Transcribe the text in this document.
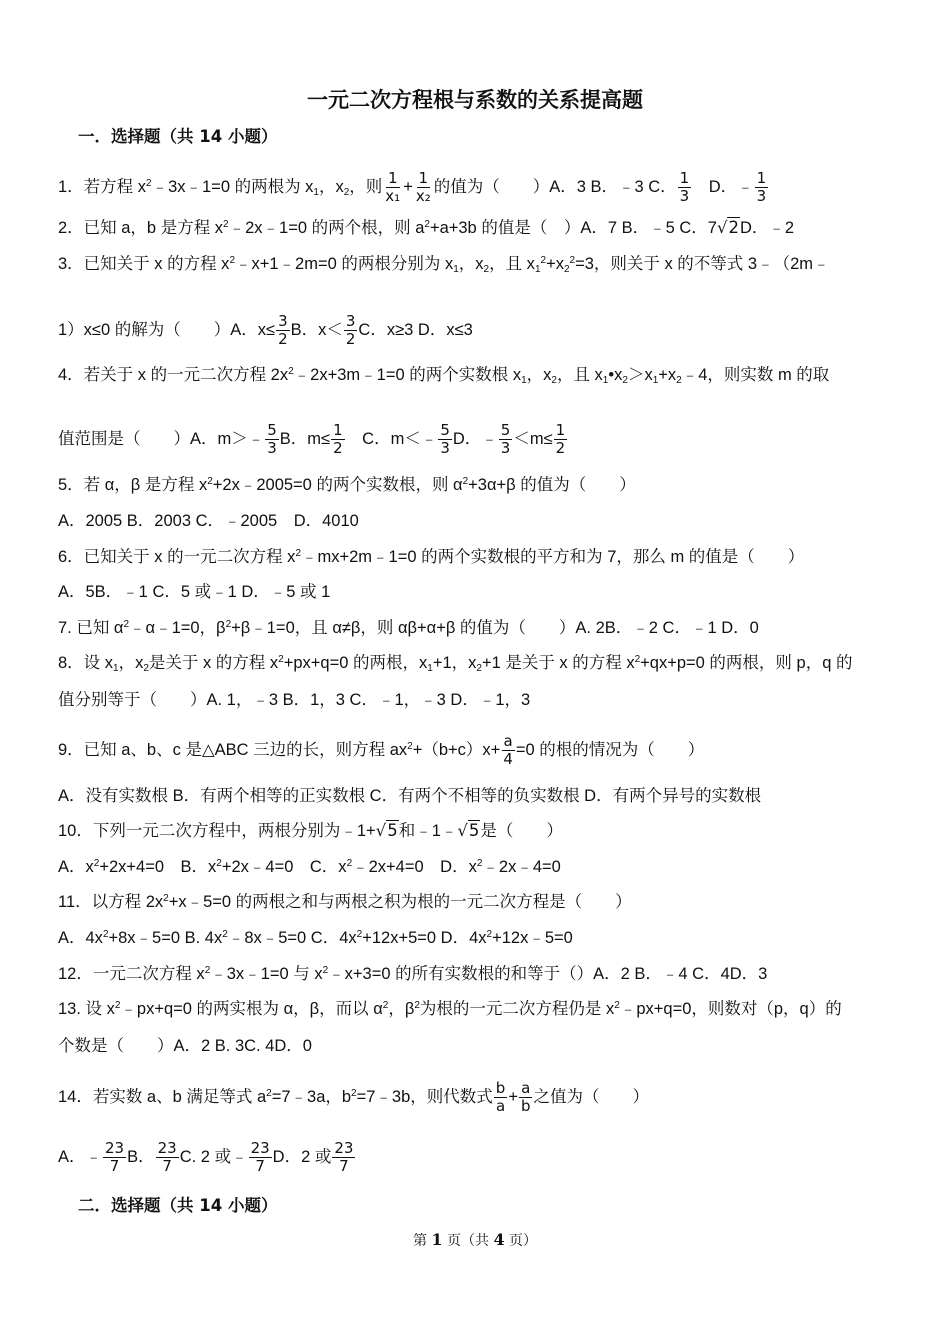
一元二次方程根与系数的关系提高题
一．选择题（共 14 小题）
1．若方程 $x^2﹣3x﹣1=0$ 的两根为 $x_1$，$x_2$，则 $\frac{1}{\text{x₁}} + \frac{1}{\text{x₂}}$ 的值为（　　）A．3 B．﹣3 C． $\frac{1}{3}$ 　D．﹣ $\frac{1}{3}$
2．已知 a，b 是方程 $x^2﹣2x﹣1=0$ 的两个根，则 $a^2+a+3b$ 的值是（　）A．7 B．﹣5 C．7√2D．﹣2
3．已知关于 x 的方程 $x^2﹣x+1﹣2m=0$ 的两根分别为 $x_1$，$x_2$，且 $x_1^2+x_2^2=3$，则关于 x 的不等式 3﹣（2m﹣
1）x≤0 的解为（　　）A．$x\le \frac{3}{2}$ B．$x< \frac{3}{2}$ C．x≥3 D．x≤3
4．若关于 x 的一元二次方程 $2x^2﹣2x+3m﹣1=0$ 的两个实数根 $x_1$，$x_2$，且 $x_1•x_2>x_1+x_2﹣4$，则实数 m 的取
值范围是（　　）A．m＞﹣ $\frac{5}{3}$ B．$m\le \frac{1}{2}$ 　C．m＜﹣ $\frac{5}{3}$ D．﹣ $\frac{5}{3} <m\le \frac{1}{2}$
5．若 α，β 是方程 $x^2+2x﹣2005=0$ 的两个实数根，则 $\alpha^2+3\alpha+\beta$ 的值为（　　）
A．2005 B．2003 C．﹣2005　D．4010
6．已知关于 x 的一元二次方程 $x^2﹣mx+2m﹣1=0$ 的两个实数根的平方和为 7，那么 m 的值是（　　）
A．5B．﹣1 C．5 或﹣1 D．﹣5 或 1
7. 已知 $\alpha^2﹣\alpha﹣1=0$，$\beta^2+\beta﹣1=0$，且 α≠β，则 αβ+α+β 的值为（　　）A. 2B．﹣2 C．﹣1 D．0
8．设 $x_1$，$x_2$是关于 x 的方程 $x^2+px+q=0$ 的两根，$x_1+1$，$x_2+1$ 是关于 x 的方程 $x^2+qx+p=0$ 的两根，则 p，q 的
值分别等于（　　）A. 1，﹣3 B．1，3 C．﹣1，﹣3 D．﹣1，3
9．已知 a、b、c 是△ABC 三边的长，则方程 $ax^2+(b+c)x+ \frac{a}{4} =0$ 的根的情况为（　　）
A．没有实数根 B．有两个相等的正实数根 C．有两个不相等的负实数根 D．有两个异号的实数根
10．下列一元二次方程中，两根分别为﹣1+√5和﹣1﹣√5是（　　）
A．$x^2+2x+4=0$　B．$x^2+2x﹣4=0$　C．$x^2﹣2x+4=0$　D．$x^2﹣2x﹣4=0$
11．以方程 $2x^2+x﹣5=0$ 的两根之和与两根之积为根的一元二次方程是（　　）
A．$4x^2+8x﹣5=0$ B. $4x^2﹣8x﹣5=0$ C．$4x^2+12x+5=0$ D．$4x^2+12x﹣5=0$
12．一元二次方程 $x^2﹣3x﹣1=0$ 与 $x^2﹣x+3=0$ 的所有实数根的和等于（）A．2 B．﹣4 C．4D．3
13. 设 $x^2﹣px+q=0$ 的两实根为 α，β，而以 $\alpha^2$，$\beta^2$为根的一元二次方程仍是 $x^2﹣px+q=0$，则数对（p，q）的
个数是（　　）A．2 B. 3C. 4D．0
14．若实数 a、b 满足等式 $a^2=7﹣3a$，$b^2=7﹣3b$，则代数式 $\frac{b}{a} + \frac{a}{b}$ 之值为（　　）
A．﹣ $\frac{23}{7}$ B． $\frac{23}{7} C$. 2 或﹣ $\frac{23}{7}$ D．2 或 $\frac{23}{7}$
二．选择题（共 14 小题）
第 1 页（共 4 页）
